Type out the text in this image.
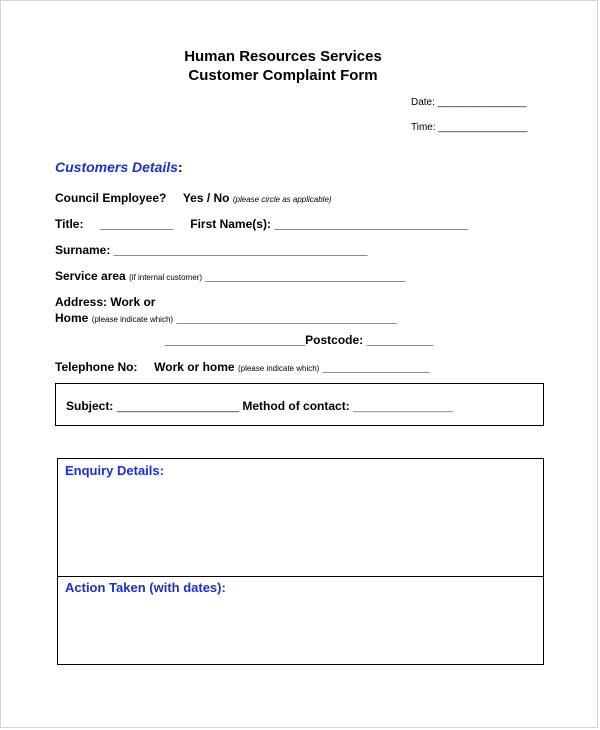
Human Resources Services
Customer Complaint Form
Date: ________________
Time: ________________
Customers Details:
Council Employee? Yes / No (please circle as applicable)
Title: ___________ First Name(s): _____________________________
Surname: ______________________________________
Service area (if internal customer) ______________________________
Address: Work or
Home (please indicate which) _________________________________
_____________________Postcode: __________
Telephone No: Work or home (please indicate which) ________________
Subject: ______________________ Method of contact: __________________
Enquiry Details:
Action Taken (with dates):
